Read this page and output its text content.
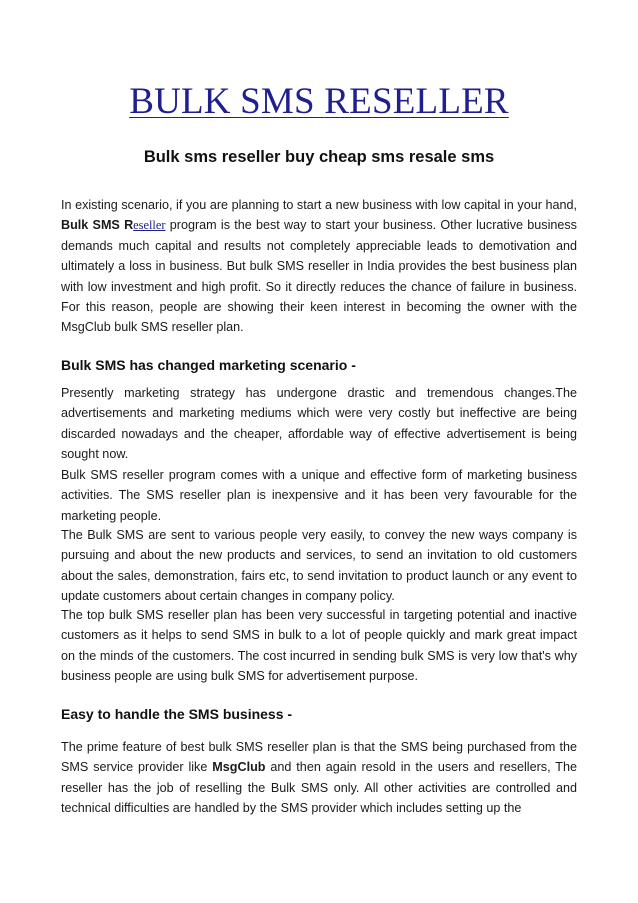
BULK SMS RESELLER
Bulk sms reseller buy cheap sms resale sms

In existing scenario, if you are planning to start a new business with low capital in your hand, Bulk SMS Reseller program is the best way to start your business. Other lucrative business demands much capital and results not completely appreciable leads to demotivation and ultimately a loss in business. But bulk SMS reseller in India provides the best business plan with low investment and high profit. So it directly reduces the chance of failure in business. For this reason, people are showing their keen interest in becoming the owner with the MsgClub bulk SMS reseller plan.

Bulk SMS has changed marketing scenario -

Presently marketing strategy has undergone drastic and tremendous changes.The advertisements and marketing mediums which were very costly but ineffective are being discarded nowadays and the cheaper, affordable way of effective advertisement is being sought now.

Bulk SMS reseller program comes with a unique and effective form of marketing business activities. The SMS reseller plan is inexpensive and it has been very favourable for the marketing people.

The Bulk SMS are sent to various people very easily, to convey the new ways company is pursuing and about the new products and services, to send an invitation to old customers about the sales, demonstration, fairs etc, to send invitation to product launch or any event to update customers about certain changes in company policy.

The top bulk SMS reseller plan has been very successful in targeting potential and inactive customers as it helps to send SMS in bulk to a lot of people quickly and mark great impact on the minds of the customers. The cost incurred in sending bulk SMS is very low that's why business people are using bulk SMS for advertisement purpose.

Easy to handle the SMS business -

The prime feature of best bulk SMS reseller plan is that the SMS being purchased from the SMS service provider like MsgClub and then again resold in the users and resellers, The reseller has the job of reselling the Bulk SMS only. All other activities are controlled and technical difficulties are handled by the SMS provider which includes setting up the
